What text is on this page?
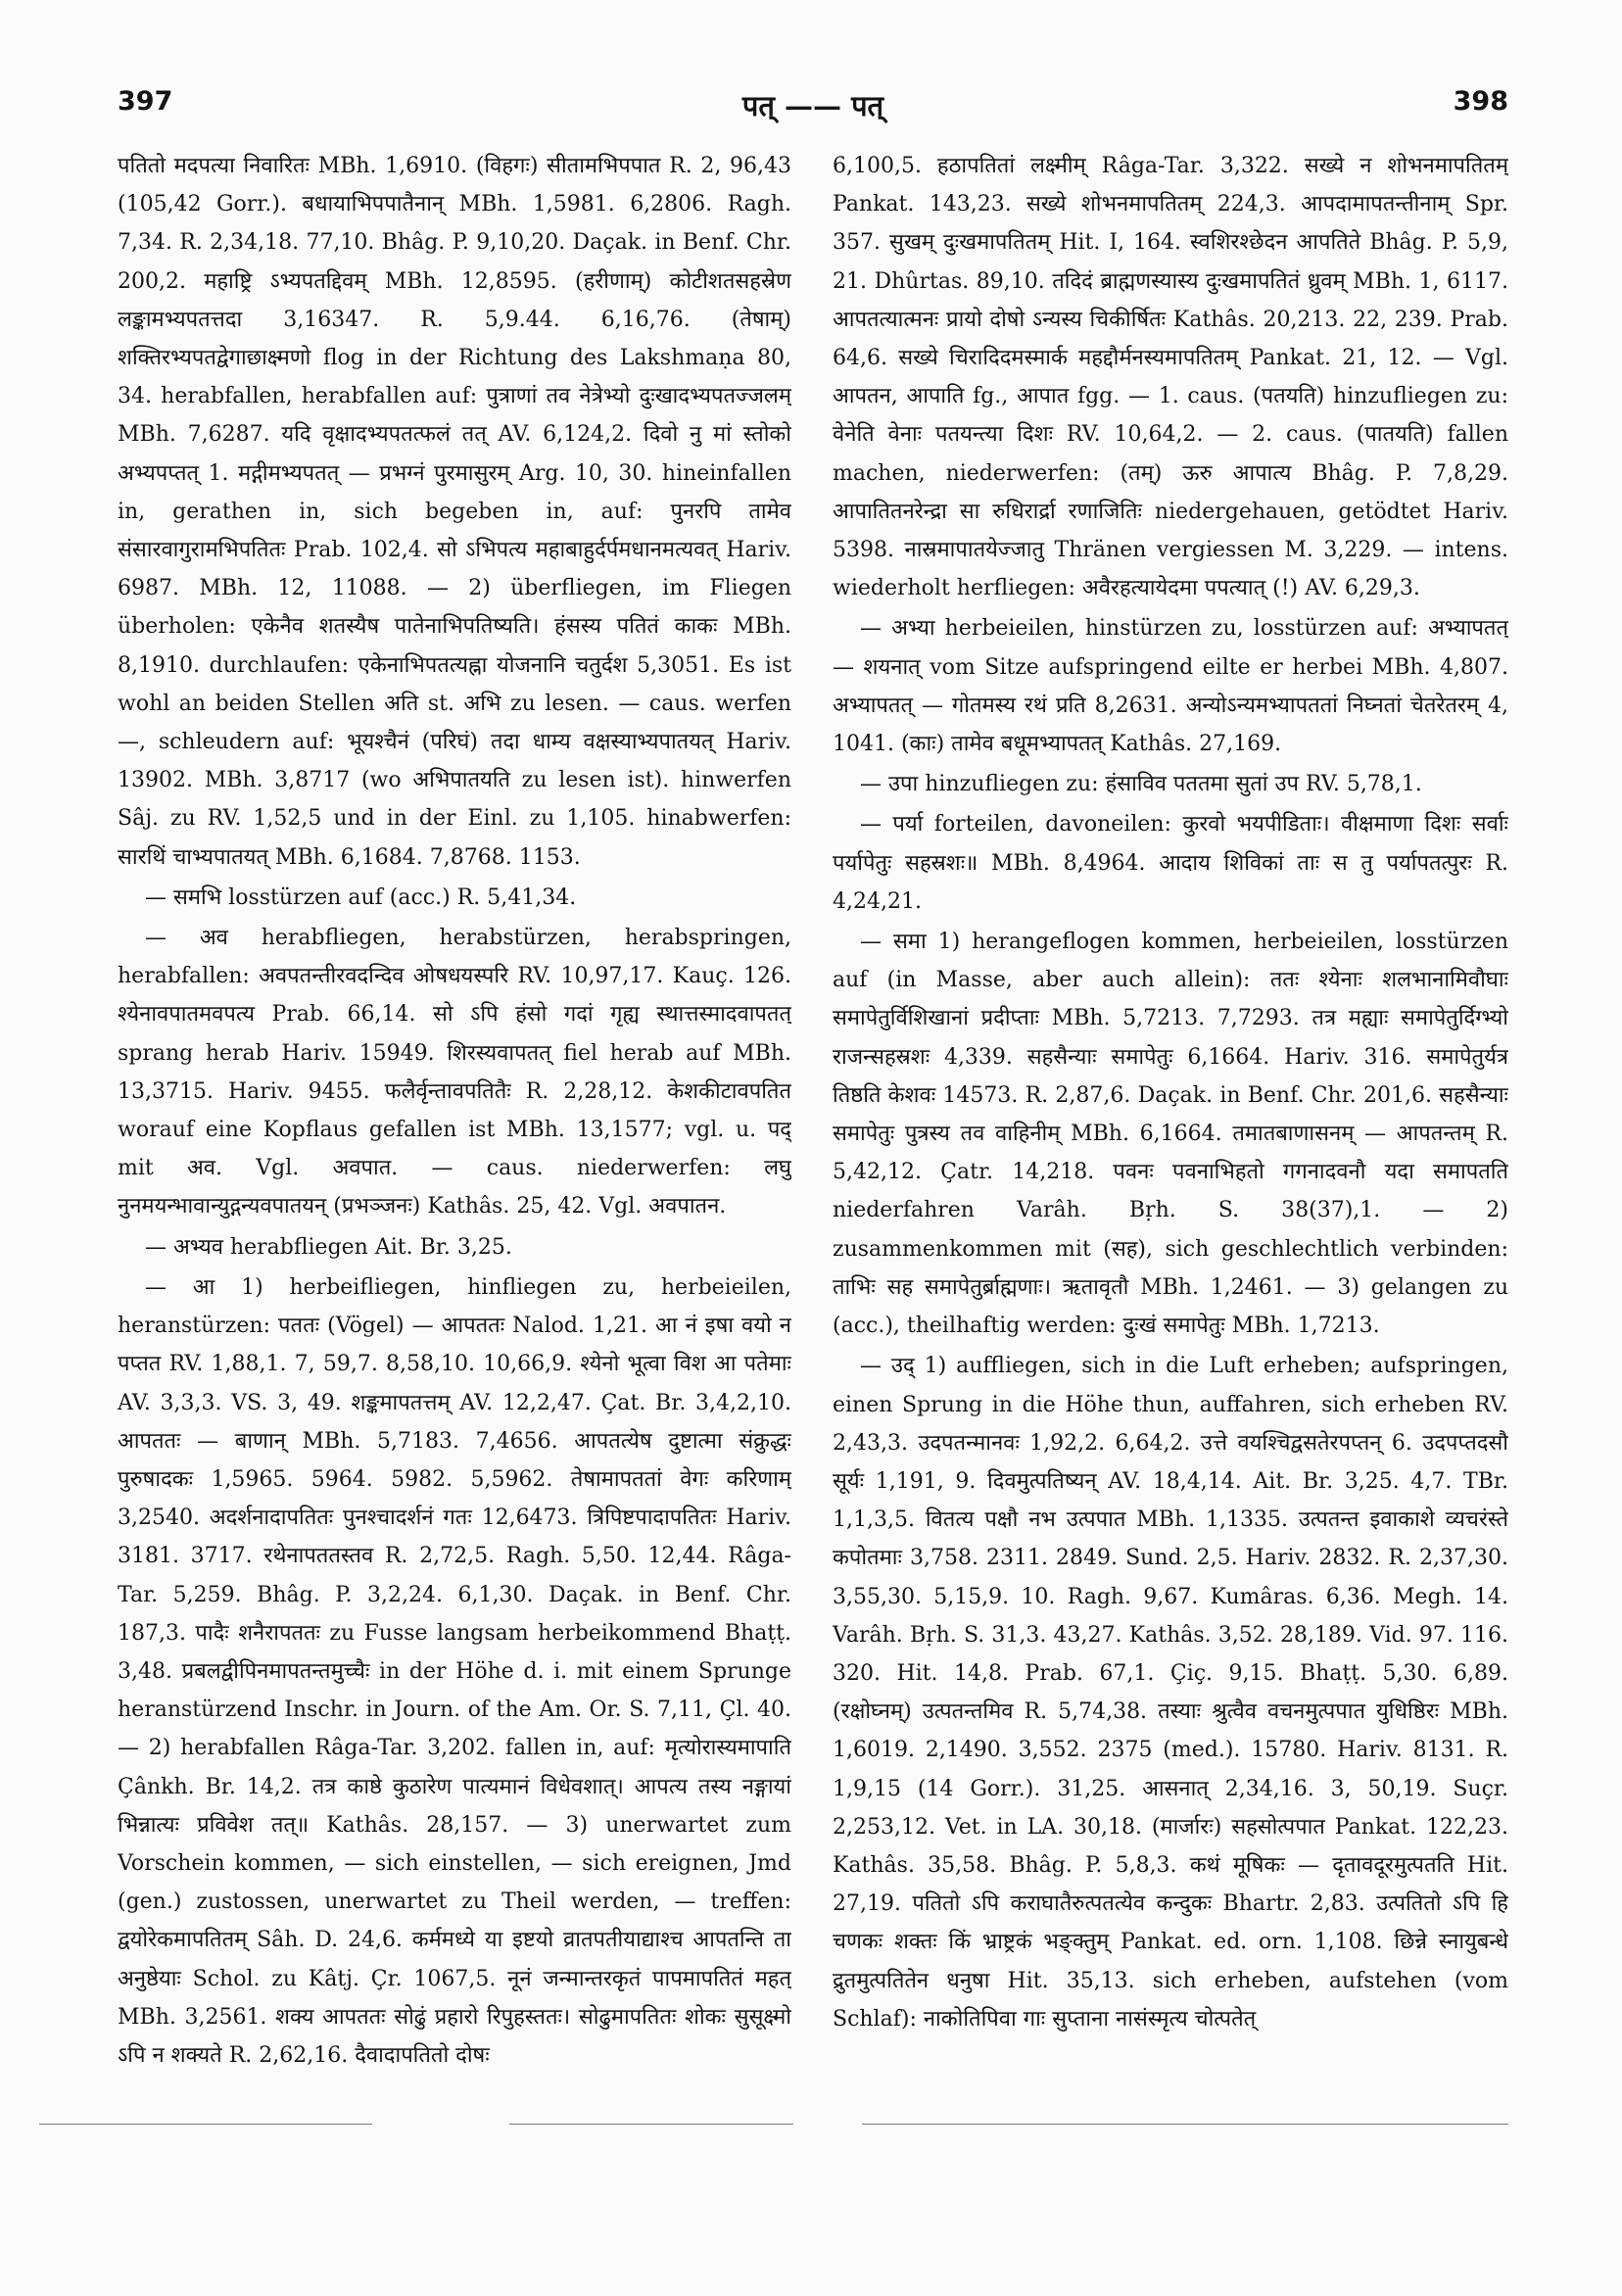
397	पत् —— पत्	398

पतितो मदपत्या निवारितः MBh. 1,6910. (विहगः) सीतामभिपपात R. 2, 96,43 (105,42 Gorr.). बधायाभिपपातैनान् MBh. 1,5981. 6,2806. Ragh. 7,34. R. 2,34,18. 77,10. Bhâg. P. 9,10,20. Daçak. in Benf. Chr. 200,2. महाष्ट्रि ऽभ्यपतद्दिवम् MBh. 12,8595. (हरीणाम्) कोटीशतसहस्रेण लङ्कामभ्यपतत्तदा 3,16347. R. 5,9.44. 6,16,76. (तेषाम्) शक्तिरभ्यपतद्वेगाछाक्ष्मणो flog in der Richtung des Lakshmaṇa 80, 34. herabfallen, herabfallen auf: पुत्राणां तव नेत्रेभ्यो दुःखादभ्यपतज्जलम् MBh. 7,6287. यदि वृक्षादभ्यपतत्फलं तत् AV. 6,124,2. दिवो नु मां स्तोको अभ्यपप्तत् 1. मद्गीमभ्यपतत् — प्रभग्नं पुरमासुरम् Arg. 10, 30. hineinfallen in, gerathen in, sich begeben in, auf: पुनरपि तामेव संसारवागुरामभिपतितः Prab. 102,4. सो ऽभिपत्य महाबाहुर्दर्पमधानमत्यवत् Hariv. 6987. MBh. 12, 11088. — 2) überfliegen, im Fliegen überholen: एकेनैव शतस्यैष पातेनाभिपतिष्यति। हंसस्य पतितं काकः MBh. 8,1910. durchlaufen: एकेनाभिपतत्यह्ना योजनानि चतुर्दश 5,3051. Es ist wohl an beiden Stellen अति st. अभि zu lesen. — caus. werfen —, schleudern auf: भूयश्चैनं (परिघं) तदा धाम्य वक्षस्याभ्यपातयत् Hariv. 13902. MBh. 3,8717 (wo अभिपातयति zu lesen ist). hinwerfen Sâj. zu RV. 1,52,5 und in der Einl. zu 1,105. hinabwerfen: सारथिं चाभ्यपातयत् MBh. 6,1684. 7,8768. 1153.

— समभि losstürzen auf (acc.) R. 5,41,34.

— अव herabfliegen, herabstürzen, herabspringen, herabfallen: अवपतन्तीरवदन्दिव ओषधयस्परि RV. 10,97,17. Kauç. 126. श्येनावपातमवपत्य Prab. 66,14. सो ऽपि हंसो गदां गृह्य स्थात्तस्मादवापतत् sprang herab Hariv. 15949. शिरस्यवापतत् fiel herab auf MBh. 13,3715. Hariv. 9455. फलैर्वृन्तावपतितैः R. 2,28,12. केशकीटावपतित worauf eine Kopflaus gefallen ist MBh. 13,1577; vgl. u. पद् mit अव. Vgl. अवपात. — caus. niederwerfen: लघु नुनमयन्भावान्युद्गन्यवपातयन् (प्रभञ्जनः) Kathâs. 25, 42. Vgl. अवपातन.

— अभ्यव herabfliegen Ait. Br. 3,25.

— आ 1) herbeifliegen, hinfliegen zu, herbeieilen, heranstürzen: पततः (Vögel) — आपततः Nalod. 1,21. आ नं इषा वयो न पप्तत RV. 1,88,1. 7, 59,7. 8,58,10. 10,66,9. श्येनो भूत्वा विश आ पतेमाः AV. 3,3,3. VS. 3, 49. शङ्कमापतत्तम् AV. 12,2,47. Çat. Br. 3,4,2,10. आपततः — बाणान् MBh. 5,7183. 7,4656. आपतत्येष दुष्टात्मा संक्रुद्धः पुरुषादकः 1,5965. 5964. 5982. 5,5962. तेषामापततां वेगः करिणाम् 3,2540. अदर्शनादापतितः पुनश्चादर्शनं गतः 12,6473. त्रिपिष्टपादापतितः Hariv. 3181. 3717. रथेनापततस्तव R. 2,72,5. Ragh. 5,50. 12,44. Râga-Tar. 5,259. Bhâg. P. 3,2,24. 6,1,30. Daçak. in Benf. Chr. 187,3. पादैः शनैरापततः zu Fusse langsam herbeikommend Bhaṭṭ. 3,48. प्रबलद्वीपिनमापतन्तमुच्चैः in der Höhe d. i. mit einem Sprunge heranstürzend Inschr. in Journ. of the Am. Or. S. 7,11, Çl. 40. — 2) herabfallen Râga-Tar. 3,202. fallen in, auf: मृत्योरास्यमापाति Çânkh. Br. 14,2. तत्र काष्ठे कुठारेण पात्यमानं विधेवशात्। आपत्य तस्य नङ्गायां भिन्नात्यः प्रविवेश तत्॥ Kathâs. 28,157. — 3) unerwartet zum Vorschein kommen, — sich einstellen, — sich ereignen, Jmd (gen.) zustossen, unerwartet zu Theil werden, — treffen: द्वयोरेकमापतितम् Sâh. D. 24,6. कर्ममध्ये या इष्टयो व्रातपतीयाद्याश्च आपतन्ति ता अनुष्ठेयाः Schol. zu Kâtj. Çr. 1067,5. नूनं जन्मान्तरकृतं पापमापतितं महत् MBh. 3,2561. शक्य आपततः सोढुं प्रहारो रिपुहस्ततः। सोढुमापतितः शोकः सुसूक्ष्मो ऽपि न शक्यते R. 2,62,16. दैवादापतितो दोषः

6,100,5. हठापतितां लक्ष्मीम् Râga-Tar. 3,322. सख्ये न शोभनमापतितम् Pankat. 143,23. सख्ये शोभनमापतितम् 224,3. आपदामापतन्तीनाम् Spr. 357. सुखम् दुःखमापतितम् Hit. I, 164. स्वशिरश्छेदन आपतिते Bhâg. P. 5,9, 21. Dhûrtas. 89,10. तदिदं ब्राह्मणस्यास्य दुःखमापतितं ध्रुवम् MBh. 1, 6117. आपतत्यात्मनः प्रायो दोषो ऽन्यस्य चिकीर्षितः Kathâs. 20,213. 22, 239. Prab. 64,6. सख्ये चिरादिदमस्मार्क महद्दौर्मनस्यमापतितम् Pankat. 21, 12. — Vgl. आपतन, आपाति fg., आपात fgg. — 1. caus. (पतयति) hinzufliegen zu: वेनेति वेनाः पतयन्त्या दिशः RV. 10,64,2. — 2. caus. (पातयति) fallen machen, niederwerfen: (तम्) ऊरु आपात्य Bhâg. P. 7,8,29. आपातितनरेन्द्रा सा रुधिरार्द्रा रणाजितिः niedergehauen, getödtet Hariv. 5398. नास्रमापातयेज्जातु Thränen vergiessen M. 3,229. — intens. wiederholt herfliegen: अवैरहत्यायेदमा पपत्यात् (!) AV. 6,29,3.

— अभ्या herbeieilen, hinstürzen zu, losstürzen auf: अभ्यापतत् — शयनात् vom Sitze aufspringend eilte er herbei MBh. 4,807. अभ्यापतत् — गोतमस्य रथं प्रति 8,2631. अन्योऽन्यमभ्यापततां निघ्नतां चेतरेतरम् 4, 1041. (काः) तामेव बधूमभ्यापतत् Kathâs. 27,169.

— उपा hinzufliegen zu: हंसाविव पततमा सुतां उप RV. 5,78,1.

— पर्या forteilen, davoneilen: कुरवो भयपीडिताः। वीक्षमाणा दिशः सर्वाः पर्यापेतुः सहस्रशः॥ MBh. 8,4964. आदाय शिविकां ताः स तु पर्यापतत्पुरः R. 4,24,21.

— समा 1) herangeflogen kommen, herbeieilen, losstürzen auf (in Masse, aber auch allein): ततः श्येनाः शलभानामिवौघाः समापेतुर्विशिखानां प्रदीप्ताः MBh. 5,7213. 7,7293. तत्र मह्याः समापेतुर्दिग्भ्यो राजन्सहस्रशः 4,339. सहसैन्याः समापेतुः 6,1664. Hariv. 316. समापेतुर्यत्र तिष्ठति केशवः 14573. R. 2,87,6. Daçak. in Benf. Chr. 201,6. सहसैन्याः समापेतुः पुत्रस्य तव वाहिनीम् MBh. 6,1664. तमातबाणासनम् — आपतन्तम् R. 5,42,12. Çatr. 14,218. पवनः पवनाभिहतो गगनादवनौ यदा समापतति niederfahren Varâh. Bṛh. S. 38(37),1. — 2) zusammenkommen mit (सह), sich geschlechtlich verbinden: ताभिः सह समापेतुर्ब्राह्मणाः। ऋतावृतौ MBh. 1,2461. — 3) gelangen zu (acc.), theilhaftig werden: दुःखं समापेतुः MBh. 1,7213.

— उद् 1) auffliegen, sich in die Luft erheben; aufspringen, einen Sprung in die Höhe thun, auffahren, sich erheben RV. 2,43,3. उदपतन्मानवः 1,92,2. 6,64,2. उत्ते वयश्चिद्वसतेरपप्तन् 6. उदपप्तदसौ सूर्यः 1,191, 9. दिवमुत्पतिष्यन् AV. 18,4,14. Ait. Br. 3,25. 4,7. TBr. 1,1,3,5. वितत्य पक्षौ नभ उत्पपात MBh. 1,1335. उत्पतन्त इवाकाशे व्यचरंस्ते कपोतमाः 3,758. 2311. 2849. Sund. 2,5. Hariv. 2832. R. 2,37,30. 3,55,30. 5,15,9. 10. Ragh. 9,67. Kumâras. 6,36. Megh. 14. Varâh. Bṛh. S. 31,3. 43,27. Kathâs. 3,52. 28,189. Vid. 97. 116. 320. Hit. 14,8. Prab. 67,1. Çiç. 9,15. Bhaṭṭ. 5,30. 6,89. (रक्षोघ्नम्) उत्पतन्तमिव R. 5,74,38. तस्याः श्रुत्वैव वचनमुत्पपात युधिष्ठिरः MBh. 1,6019. 2,1490. 3,552. 2375 (med.). 15780. Hariv. 8131. R. 1,9,15 (14 Gorr.). 31,25. आसनात् 2,34,16. 3, 50,19. Suçr. 2,253,12. Vet. in LA. 30,18. (मार्जारः) सहसोत्पपात Pankat. 122,23. Kathâs. 35,58. Bhâg. P. 5,8,3. कथं मूषिकः — दृतावदूरमुत्पतति Hit. 27,19. पतितो ऽपि कराघातैरुत्पतत्येव कन्दुकः Bhartr. 2,83. उत्पतितो ऽपि हि चणकः शक्तः किं भ्राष्ट्रकं भङ्क्तुम् Pankat. ed. orn. 1,108. छिन्ने स्नायुबन्धे द्रुतमुत्पतितेन धनुषा Hit. 35,13. sich erheben, aufstehen (vom Schlaf): नाकोतिपिवा गाः सुप्ताना नासंस्मृत्य चोत्पतेत्
